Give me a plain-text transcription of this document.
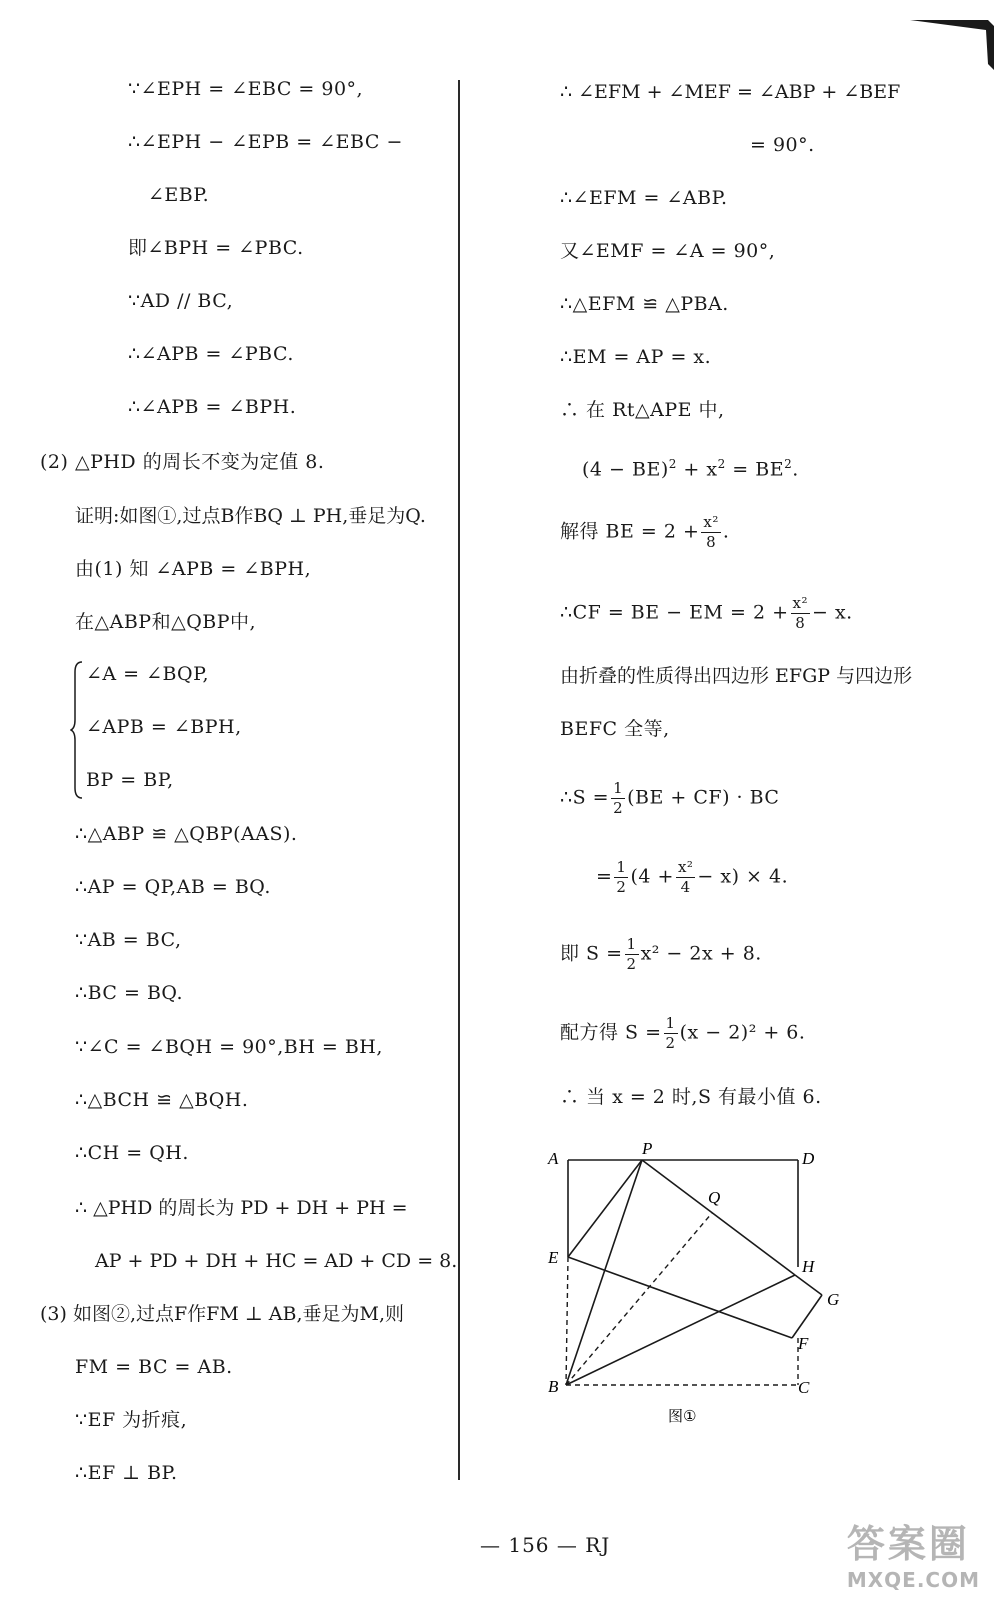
∵∠EPH = ∠EBC = 90°,
∴∠EPH − ∠EPB = ∠EBC −
∠EBP.
即∠BPH = ∠PBC.
∵AD // BC,
∴∠APB = ∠PBC.
∴∠APB = ∠BPH.
(2) △PHD 的周长不变为定值 8.
证明:如图①,过点B作BQ ⊥ PH,垂足为Q.
由(1) 知 ∠APB = ∠BPH,
在△ABP和△QBP中,
∠A = ∠BQP,
∠APB = ∠BPH,
BP = BP,
∴△ABP ≌ △QBP(AAS).
∴AP = QP,AB = BQ.
∵AB = BC,
∴BC = BQ.
∵∠C = ∠BQH = 90°,BH = BH,
∴△BCH ≌ △BQH.
∴CH = QH.
∴ △PHD 的周长为 PD + DH + PH =
AP + PD + DH + HC = AD + CD = 8.
(3) 如图②,过点F作FM ⊥ AB,垂足为M,则
FM = BC = AB.
∵EF 为折痕,
∴EF ⊥ BP.
∴ ∠EFM + ∠MEF = ∠ABP + ∠BEF
= 90°.
∴∠EFM = ∠ABP.
又∠EMF = ∠A = 90°,
∴△EFM ≌ △PBA.
∴EM = AP = x.
∴ 在 Rt△APE 中,
$(4 - BE)^2 + x^2 = BE^2$.
解得 BE = $2 + \frac{\text{x²}}{8}$ .
∴CF = BE − EM = $2 + \frac{\text{x²}}{8} - x$.
由折叠的性质得出四边形 EFGP 与四边形
BEFC 全等,
∴S = $\frac{1}{2} (BE + CF)$ · BC
= $\frac{1}{2} (4 + \frac{\text{x²}}{4} - x) \times 4$.
即 $S = \frac{1}{2} x^2 - 2x + 8$.
配方得 $S = \frac{1}{2} (x - 2)^2 + 6$.
∴ 当 x = 2 时,S 有最小值 6.
A
P
D
Q
E	H
G
F
B	C
图①
— 156 — RJ	答案圈
MXQE.COM
